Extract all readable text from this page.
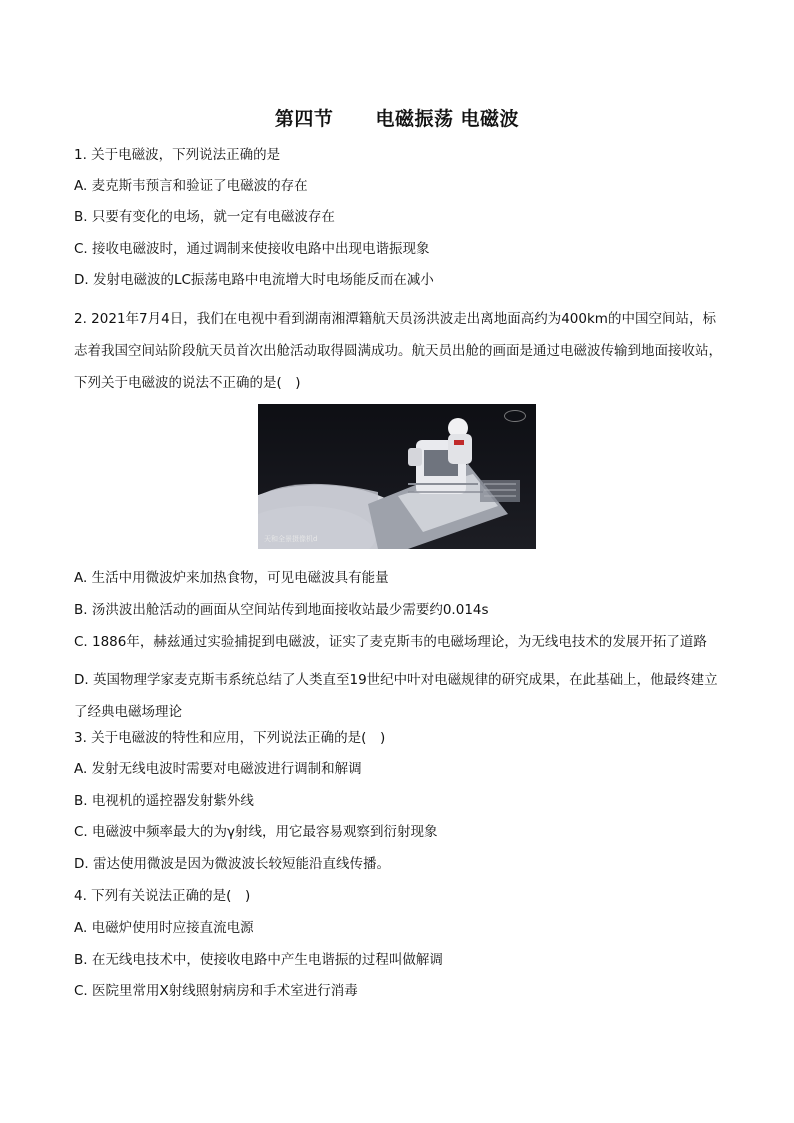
第四节 电磁振荡 电磁波
1. 关于电磁波，下列说法正确的是
A. 麦克斯韦预言和验证了电磁波的存在
B. 只要有变化的电场，就一定有电磁波存在
C. 接收电磁波时，通过调制来使接收电路中出现电谐振现象
D. 发射电磁波的LC振荡电路中电流增大时电场能反而在减小
2. 2021年7月4日，我们在电视中看到湖南湘潭籍航天员汤洪波走出离地面高约为400km的中国空间站，标志着我国空间站阶段航天员首次出舱活动取得圆满成功。航天员出舱的画面是通过电磁波传输到地面接收站，下列关于电磁波的说法不正确的是(　)
天和全景摄像机d
A. 生活中用微波炉来加热食物，可见电磁波具有能量
B. 汤洪波出舱活动的画面从空间站传到地面接收站最少需要约0.014s
C. 1886年，赫兹通过实验捕捉到电磁波，证实了麦克斯韦的电磁场理论，为无线电技术的发展开拓了道路
D. 英国物理学家麦克斯韦系统总结了人类直至19世纪中叶对电磁规律的研究成果，在此基础上，他最终建立了经典电磁场理论
3. 关于电磁波的特性和应用，下列说法正确的是(　)
A. 发射无线电波时需要对电磁波进行调制和解调
B. 电视机的遥控器发射紫外线
C. 电磁波中频率最大的为γ射线，用它最容易观察到衍射现象
D. 雷达使用微波是因为微波波长较短能沿直线传播。
4. 下列有关说法正确的是(　)
A. 电磁炉使用时应接直流电源
B. 在无线电技术中，使接收电路中产生电谐振的过程叫做解调
C. 医院里常用X射线照射病房和手术室进行消毒
